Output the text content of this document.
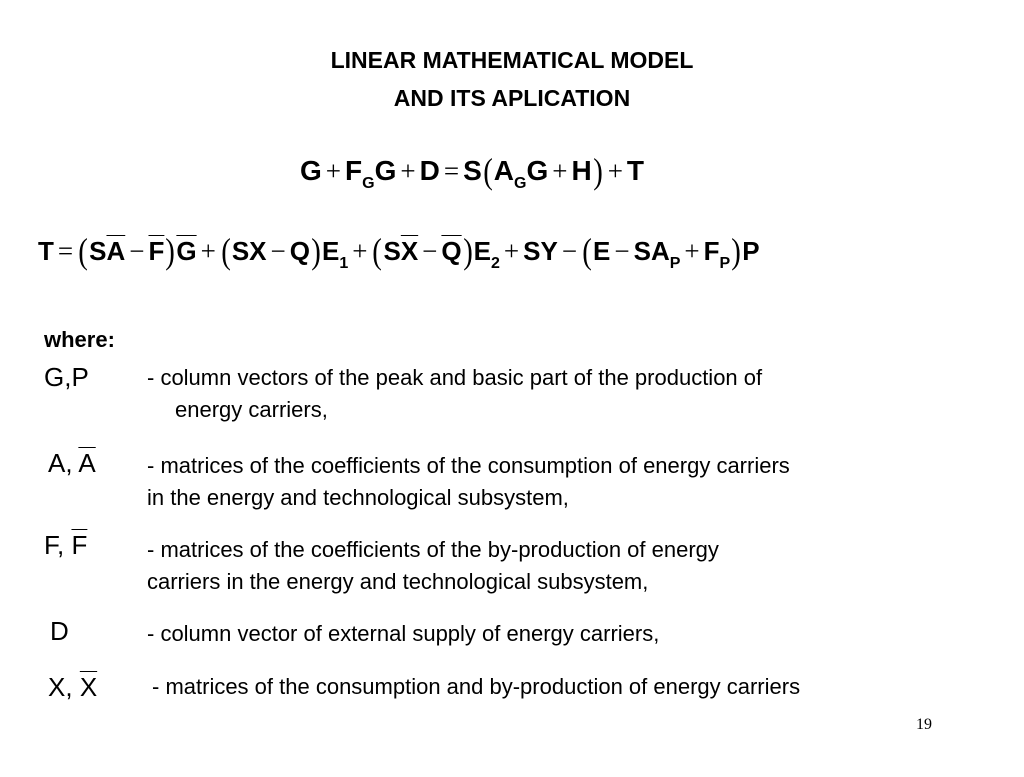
LINEAR MATHEMATICAL MODEL
AND ITS APLICATION
$G + F_GG + D = S(A_GG + H) + T$
$T = (S\overline{A} - \overline{F})\overline{G} + (SX - Q)E_1 + (S\overline{X} - \overline{Q})E_2$ + SY − $(E - SA_P + F_P)P$
where:
G,P	- column vectors of the peak and basic part of the production of
energy carriers,
A, $\overline{A}$ - matrices of the coefficients of the consumption of energy carriers
in the energy and technological subsystem,
F, $\overline{F}$	- matrices of the coefficients of the by-production of energy
carriers in the energy and technological subsystem,
D	- column vector of external supply of energy carriers,
X, $\overline{X}$ - matrices of the consumption and by-production of energy carriers
19
